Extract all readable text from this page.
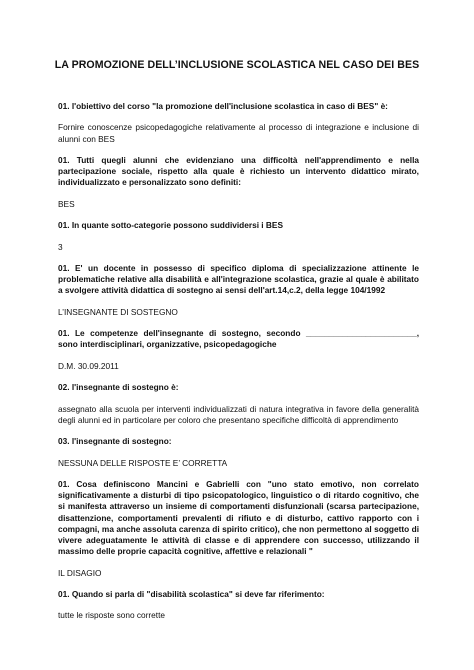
LA PROMOZIONE DELL’INCLUSIONE SCOLASTICA NEL CASO DEI BES

01. l'obiettivo del corso "la promozione dell'inclusione scolastica in caso di BES" è:

Fornire conoscenze psicopedagogiche relativamente al processo di integrazione e inclusione di alunni con BES

01. Tutti quegli alunni che evidenziano una difficoltà nell'apprendimento e nella partecipazione sociale, rispetto alla quale è richiesto un intervento didattico mirato, individualizzato e personalizzato sono definiti:

BES

01. In quante sotto-categorie possono suddividersi i BES

3

01. E' un docente in possesso di specifico diploma di specializzazione attinente le problematiche relative alla disabilità e all'integrazione scolastica, grazie al quale è abilitato a svolgere attività didattica di sostegno ai sensi dell'art.14,c.2, della legge 104/1992

L’INSEGNANTE DI SOSTEGNO

01. Le competenze dell'insegnante di sostegno, secondo ________________________, sono interdisciplinari, organizzative, psicopedagogiche

D.M. 30.09.2011

02. l'insegnante di sostegno è:

assegnato alla scuola per interventi individualizzati di natura integrativa in favore della generalità degli alunni ed in particolare per coloro che presentano specifiche difficoltà di apprendimento

03. l'insegnante di sostegno:

NESSUNA DELLE RISPOSTE E’ CORRETTA

01. Cosa definiscono Mancini e Gabrielli con "uno stato emotivo, non correlato significativamente a disturbi di tipo psicopatologico, linguistico o di ritardo cognitivo, che si manifesta attraverso un insieme di comportamenti disfunzionali (scarsa partecipazione, disattenzione, comportamenti prevalenti di rifiuto e di disturbo, cattivo rapporto con i compagni, ma anche assoluta carenza di spirito critico), che non permettono al soggetto di vivere adeguatamente le attività di classe e di apprendere con successo, utilizzando il massimo delle proprie capacità cognitive, affettive e relazionali "

IL DISAGIO

01. Quando si parla di "disabilità scolastica" si deve far riferimento:

tutte le risposte sono corrette
